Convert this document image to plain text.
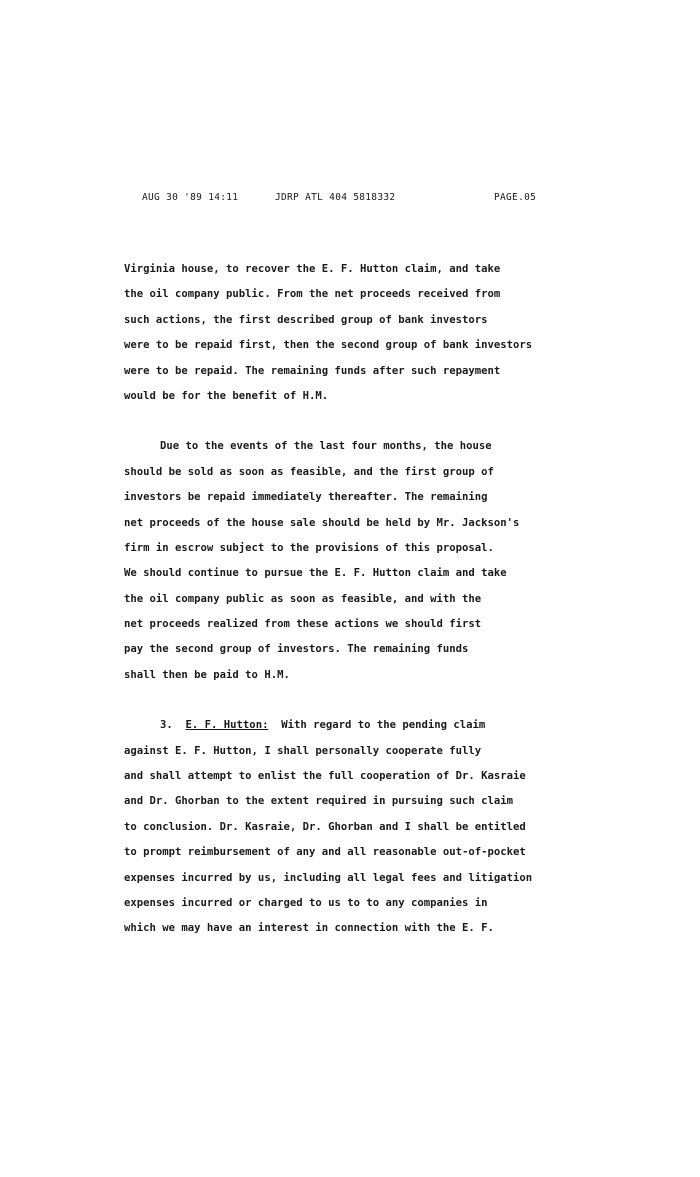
AUG 30 '89 14:11	JDRP ATL 404 5818332	PAGE.05
Virginia house, to recover the E. F. Hutton claim, and take
the oil company public. From the net proceeds received from
such actions, the first described group of bank investors
were to be repaid first, then the second group of bank investors
were to be repaid. The remaining funds after such repayment
would be for the benefit of H.M.
Due to the events of the last four months, the house
should be sold as soon as feasible, and the first group of
investors be repaid immediately thereafter. The remaining
net proceeds of the house sale should be held by Mr. Jackson's
firm in escrow subject to the provisions of this proposal.
We should continue to pursue the E. F. Hutton claim and take
the oil company public as soon as feasible, and with the
net proceeds realized from these actions we should first
pay the second group of investors. The remaining funds
shall then be paid to H.M.
3. E. F. Hutton: With regard to the pending claim
against E. F. Hutton, I shall personally cooperate fully
and shall attempt to enlist the full cooperation of Dr. Kasraie
and Dr. Ghorban to the extent required in pursuing such claim
to conclusion. Dr. Kasraie, Dr. Ghorban and I shall be entitled
to prompt reimbursement of any and all reasonable out-of-pocket
expenses incurred by us, including all legal fees and litigation
expenses incurred or charged to us to to any companies in
which we may have an interest in connection with the E. F.
